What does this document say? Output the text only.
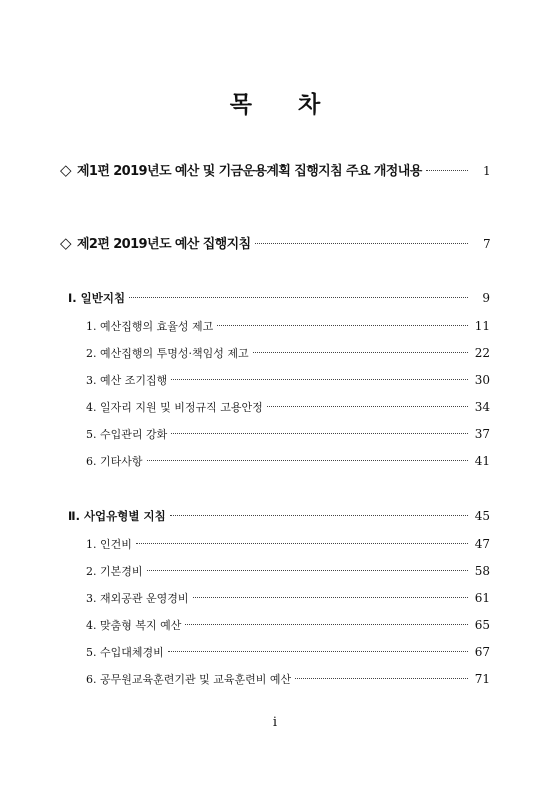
목 차
◇ 제1편 2019년도 예산 및 기금운용계획 집행지침 주요 개정내용	1
◇ 제2편 2019년도 예산 집행지침	7
Ⅰ. 일반지침	9
1. 예산집행의 효율성 제고	11
2. 예산집행의 투명성·책임성 제고	22
3. 예산 조기집행	30
4. 일자리 지원 및 비정규직 고용안정	34
5. 수입관리 강화	37
6. 기타사항	41
Ⅱ. 사업유형별 지침	45
1. 인건비	47
2. 기본경비	58
3. 재외공관 운영경비	61
4. 맞춤형 복지 예산	65
5. 수입대체경비	67
6. 공무원교육훈련기관 및 교육훈련비 예산	71
i
